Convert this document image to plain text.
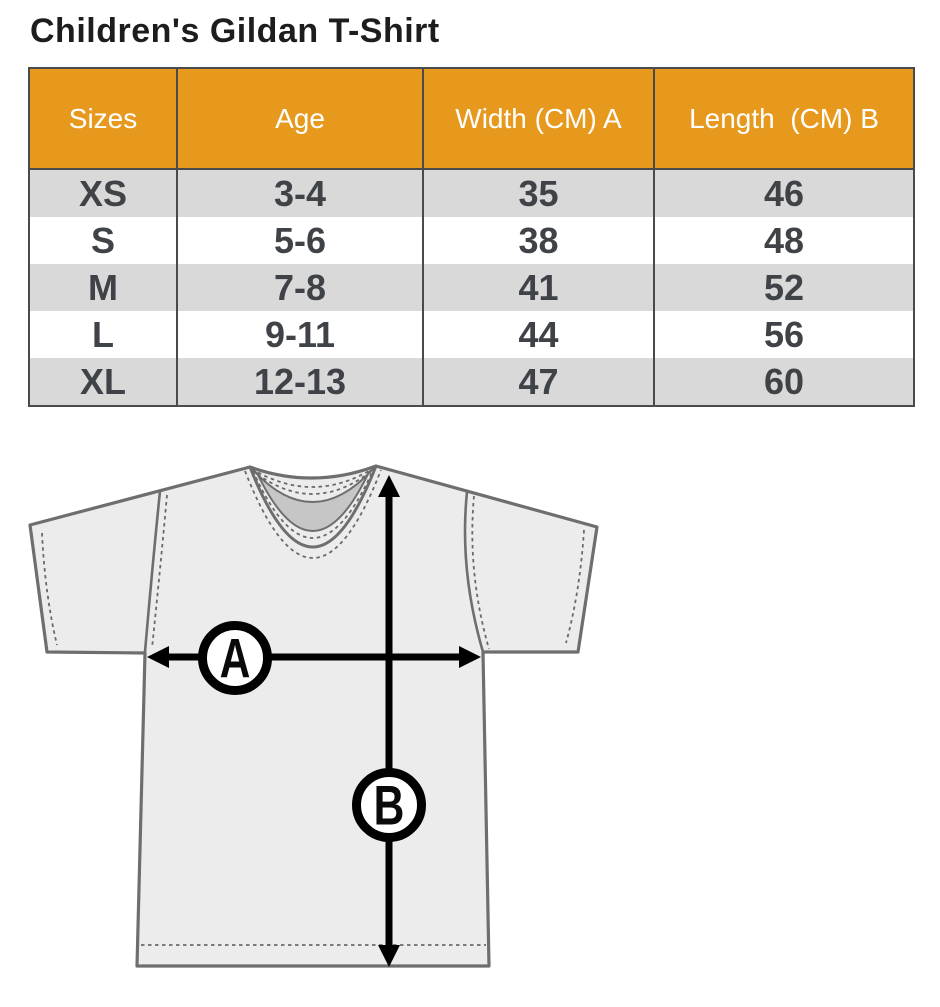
Children's Gildan T-Shirt
Sizes	Age	Width (CM) A	Length  (CM) B
XS	3-4	35	46
S	5-6	38	48
M	7-8	41	52
L	9-11	44	56
XL	12-13	47	60
A
B
